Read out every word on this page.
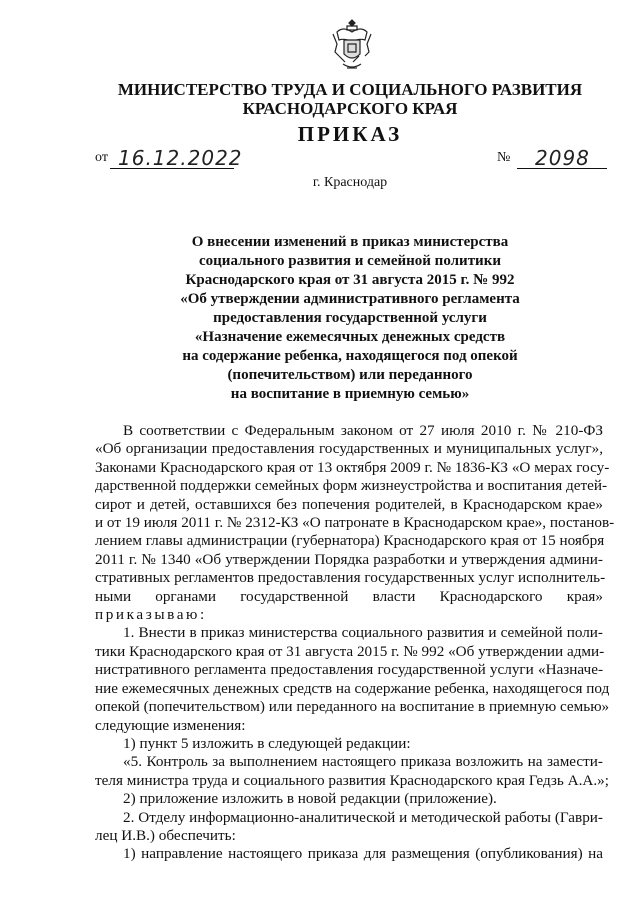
МИНИСТЕРСТВО ТРУДА И СОЦИАЛЬНОГО РАЗВИТИЯ
КРАСНОДАРСКОГО КРАЯ
ПРИКАЗ
от 16.12.2022	№ 2098
г. Краснодар
О внесении изменений в приказ министерства
социального развития и семейной политики
Краснодарского края от 31 августа 2015 г. № 992
«Об утверждении административного регламента
предоставления государственной услуги
«Назначение ежемесячных денежных средств
на содержание ребенка, находящегося под опекой
(попечительством) или переданного
на воспитание в приемную семью»
В соответствии с Федеральным законом от 27 июля 2010 г. № 210-ФЗ
«Об организации предоставления государственных и муниципальных услуг»,
Законами Краснодарского края от 13 октября 2009 г. № 1836-КЗ «О мерах госу-
дарственной поддержки семейных форм жизнеустройства и воспитания детей-
сирот и детей, оставшихся без попечения родителей, в Краснодарском крае»
и от 19 июля 2011 г. № 2312-КЗ «О патронате в Краснодарском крае», постанов-
лением главы администрации (губернатора) Краснодарского края от 15 ноября
2011 г. № 1340 «Об утверждении Порядка разработки и утверждения админи-
стративных регламентов предоставления государственных услуг исполнитель-
ными органами государственной власти Краснодарского края»
приказываю:
1. Внести в приказ министерства социального развития и семейной поли-
тики Краснодарского края от 31 августа 2015 г. № 992 «Об утверждении адми-
нистративного регламента предоставления государственной услуги «Назначе-
ние ежемесячных денежных средств на содержание ребенка, находящегося под
опекой (попечительством) или переданного на воспитание в приемную семью»
следующие изменения:
1) пункт 5 изложить в следующей редакции:
«5. Контроль за выполнением настоящего приказа возложить на замести-
теля министра труда и социального развития Краснодарского края Гедзь А.А.»;
2) приложение изложить в новой редакции (приложение).
2. Отделу информационно-аналитической и методической работы (Гаври-
лец И.В.) обеспечить:
1) направление настоящего приказа для размещения (опубликования) на
